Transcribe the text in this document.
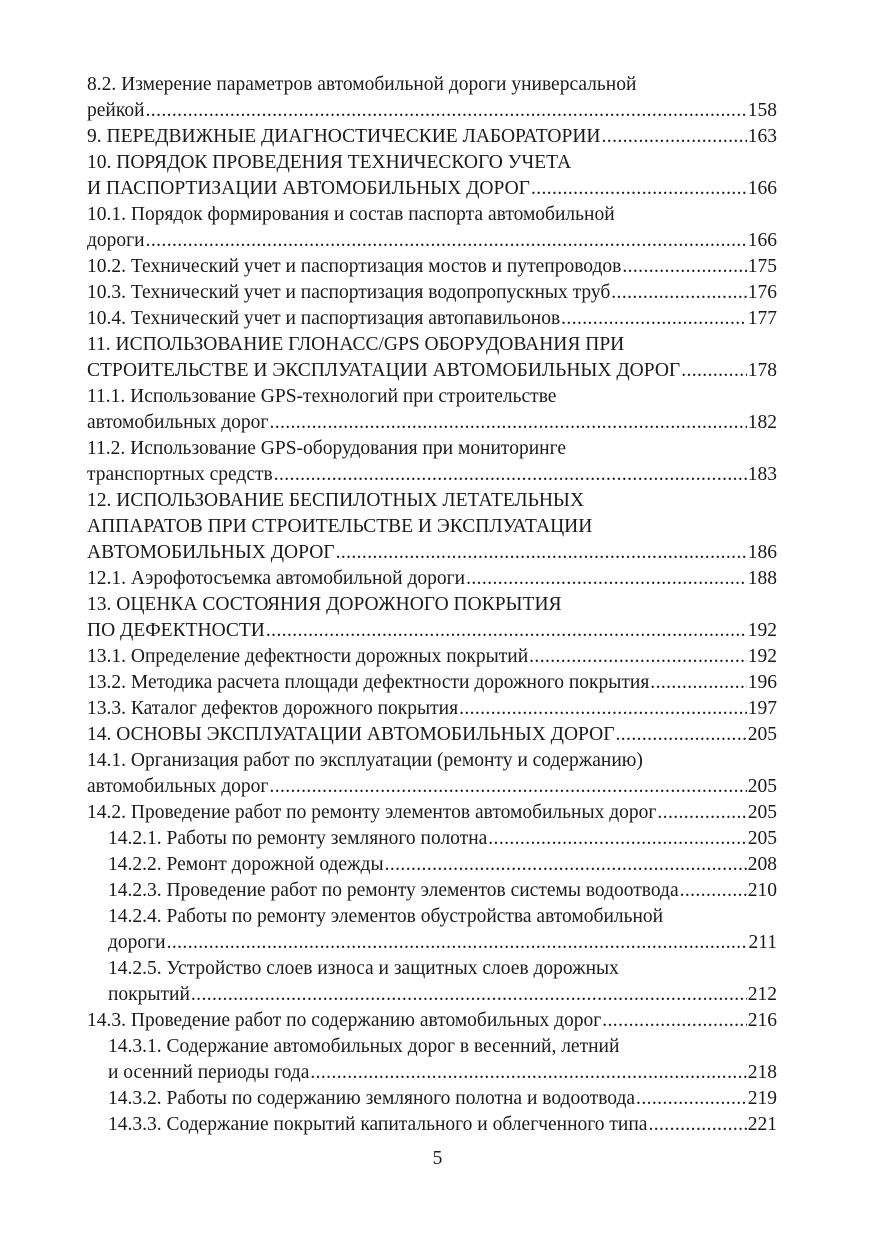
8.2. Измерение параметров автомобильной дороги универсальной
рейкой .....	158
9. ПЕРЕДВИЖНЫЕ ДИАГНОСТИЧЕСКИЕ ЛАБОРАТОРИИ .....	163
10. ПОРЯДОК ПРОВЕДЕНИЯ ТЕХНИЧЕСКОГО УЧЕТА
И ПАСПОРТИЗАЦИИ АВТОМОБИЛЬНЫХ ДОРОГ .....	166
10.1. Порядок формирования и состав паспорта автомобильной
дороги .....	166
10.2. Технический учет и паспортизация мостов и путепроводов .....	175
10.3. Технический учет и паспортизация водопропускных труб .....	176
10.4. Технический учет и паспортизация автопавильонов .....	177
11. ИСПОЛЬЗОВАНИЕ ГЛОНАСС/GPS ОБОРУДОВАНИЯ ПРИ
СТРОИТЕЛЬСТВЕ И ЭКСПЛУАТАЦИИ АВТОМОБИЛЬНЫХ ДОРОГ .....	178
11.1. Использование GPS-технологий при строительстве
автомобильных дорог .....	182
11.2. Использование GPS-оборудования при мониторинге
транспортных средств .....	183
12. ИСПОЛЬЗОВАНИЕ БЕСПИЛОТНЫХ ЛЕТАТЕЛЬНЫХ
АППАРАТОВ ПРИ СТРОИТЕЛЬСТВЕ И ЭКСПЛУАТАЦИИ
АВТОМОБИЛЬНЫХ ДОРОГ .....	186
12.1. Аэрофотосъемка автомобильной дороги .....	188
13. ОЦЕНКА СОСТОЯНИЯ ДОРОЖНОГО ПОКРЫТИЯ
ПО ДЕФЕКТНОСТИ .....	192
13.1. Определение дефектности дорожных покрытий .....	192
13.2. Методика расчета площади дефектности дорожного покрытия .....	196
13.3. Каталог дефектов дорожного покрытия .....	197
14. ОСНОВЫ ЭКСПЛУАТАЦИИ АВТОМОБИЛЬНЫХ ДОРОГ .....	205
14.1. Организация работ по эксплуатации (ремонту и содержанию)
автомобильных дорог .....	205
14.2. Проведение работ по ремонту элементов автомобильных дорог .....	205
14.2.1. Работы по ремонту земляного полотна .....	205
14.2.2. Ремонт дорожной одежды .....	208
14.2.3. Проведение работ по ремонту элементов системы водоотвода .....	210
14.2.4. Работы по ремонту элементов обустройства автомобильной
дороги .....	211
14.2.5. Устройство слоев износа и защитных слоев дорожных
покрытий .....	212
14.3. Проведение работ по содержанию автомобильных дорог .....	216
14.3.1. Содержание автомобильных дорог в весенний, летний
и осенний периоды года .....	218
14.3.2. Работы по содержанию земляного полотна и водоотвода .....	219
14.3.3. Содержание покрытий капитального и облегченного типа .....	221
5
